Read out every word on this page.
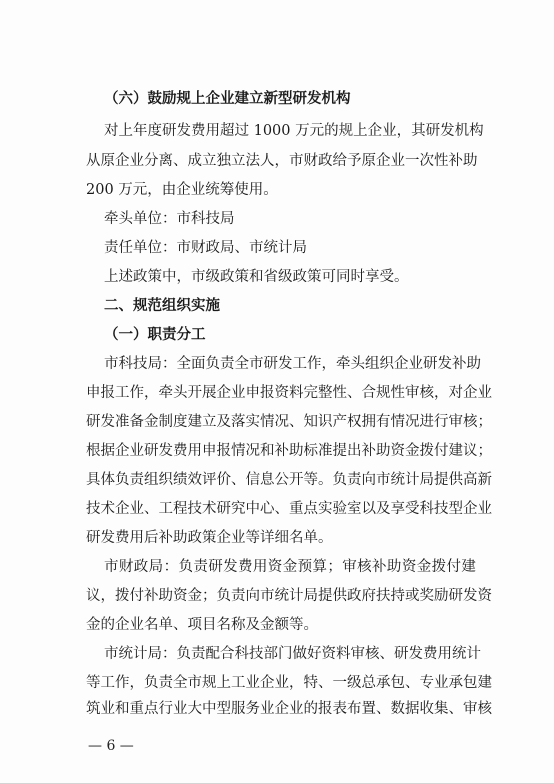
（六）鼓励规上企业建立新型研发机构
对上年度研发费用超过 1000 万元的规上企业，其研发机构
从 原 企 业 分 离 、 成 立 独 立 法 人 ， 市 财 政 给 予 原 企 业 一 次 性 补 助
200 万元，由企业统筹使用。
牵头单位：市科技局
责任单位：市财政局、市统计局
上述政策中，市级政策和省级政策可同时享受。
二、规范组织实施
（一）职责分工
市 科 技 局 ： 全 面 负 责 全 市 研 发 工 作 ， 牵 头 组 织 企 业 研 发 补 助
申 报 工 作 ， 牵 头 开 展 企 业 申 报 资 料 完 整 性 、 合 规 性 审 核 ， 对 企 业
研 发 准 备 金 制 度 建 立 及 落 实 情 况 、 知 识 产 权 拥 有 情 况 进 行 审 核 ；
根 据 企 业 研 发 费 用 申 报 情 况 和 补 助 标 准 提 出 补 助 资 金 拨 付 建 议 ；
具 体 负 责 组 织 绩 效 评 价 、 信 息 公 开 等 。 负 责 向 市 统 计 局 提 供 高 新
技 术 企 业 、 工 程 技 术 研 究 中 心 、 重 点 实 验 室 以 及 享 受 科 技 型 企 业
研发费用后补助政策企业等详细名单。
市 财 政 局 ： 负 责 研 发 费 用 资 金 预 算 ； 审 核 补 助 资 金 拨 付 建
议 ， 拨 付 补 助 资 金 ； 负 责 向 市 统 计 局 提 供 政 府 扶 持 或 奖 励 研 发 资
金的企业名单、项目名称及金额等。
市 统 计 局 ： 负 责 配 合 科 技 部 门 做 好 资 料 审 核 、 研 发 费 用 统 计
等 工 作 ， 负 责 全 市 规 上 工 业 企 业 ， 特 、 一 级 总 承 包 、 专 业 承 包 建
筑 业 和 重 点 行 业 大 中 型 服 务 业 企 业 的 报 表 布 置 、 数 据 收 集 、 审 核
— 6 —
